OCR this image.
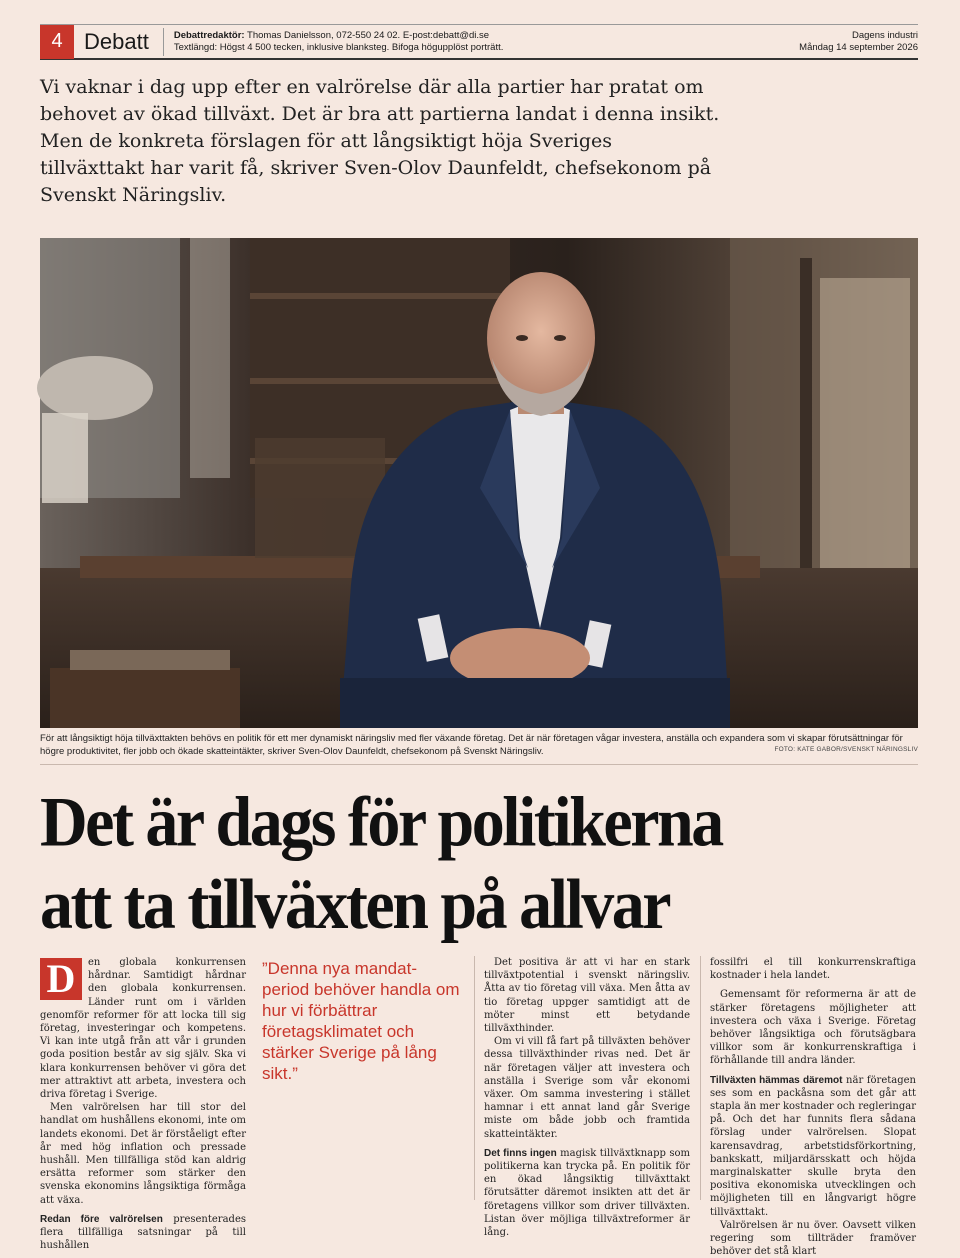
4 Debatt	Debattredaktör: Thomas Danielsson, 072-550 24 02. E-post:debatt@di.se
Textlängd: Högst 4 500 tecken, inklusive blanksteg. Bifoga högupplöst porträtt.
Dagens industri
Måndag 14 september 2026
Vi vaknar i dag upp efter en valrörelse där alla partier har pratat om behovet av ökad tillväxt. Det är bra att partierna landat i denna insikt. Men de konkreta förslagen för att långsiktigt höja Sveriges tillväxttakt har varit få, skriver Sven-Olov Daunfeldt, chefsekonom på Svenskt Näringsliv.
För att långsiktigt höja tillväxttakten behövs en politik för ett mer dynamiskt näringsliv med fler växande företag. Det är när företagen vågar investera, anställa och expandera som vi skapar förutsättningar för högre produktivitet, fler jobb och ökade skatteintäkter, skriver Sven-Olov Daunfeldt, chefsekonom på Svenskt Näringsliv.	FOTO: KATE GABOR/SVENSKT NÄRINGSLIV
Det är dags för politikerna
att ta tillväxten på allvar
D	en globala konkurrensen hårdnar. Samtidigt hårdnar den globala konkurrensen. Länder runt om i världen genomför reformer för att locka till sig företag, investeringar och kompetens. Vi kan inte utgå från att vår i grunden goda position består av sig själv. Ska vi klara konkurrensen behöver vi göra det mer attraktivt att arbeta, investera och driva företag i Sverige.

Men valrörelsen har till stor del handlat om hushållens ekonomi, inte om landets ekonomi. Det är förståeligt efter år med hög inflation och pressade hushåll. Men tillfälliga stöd kan aldrig ersätta reformer som stärker den svenska ekonomins långsiktiga förmåga att växa.

Redan före valrörelsen presenterades flera tillfälliga satsningar på till hushållen

”Denna nya mandat-period behöver handla om hur vi förbättrar företagsklimatet och stärker Sverige på lång sikt.”

Det positiva är att vi har en stark tillväxtpotential i svenskt näringsliv. Åtta av tio företag vill växa. Men åtta av tio företag uppger samtidigt att de möter minst ett betydande tillväxthinder.

Om vi vill få fart på tillväxten behöver dessa tillväxthinder rivas ned. Det är när företagen väljer att investera och anställa i Sverige som vår ekonomi växer. Om samma investering i stället hamnar i ett annat land går Sverige miste om både jobb och framtida skatteintäkter.

Det finns ingen magisk tillväxtknapp som politikerna kan trycka på. En politik för en ökad långsiktig tillväxttakt förutsätter däremot insikten att det är företagens villkor som driver tillväxten. Listan över möjliga tillväxtreformer är lång.

fossilfri el till konkurrenskraftiga kostnader i hela landet.

Gemensamt för reformerna är att de stärker företagens möjligheter att investera och växa i Sverige. Företag behöver långsiktiga och förutsägbara villkor som är konkurrenskraftiga i förhållande till andra länder.

Tillväxten hämmas däremot när företagen ses som en packåsna som det går att stapla än mer kostnader och regleringar på. Och det har funnits flera sådana förslag under valrörelsen. Slopat karensavdrag, arbetstidsförkortning, bankskatt, miljardärsskatt och höjda marginalskatter skulle bryta den positiva ekonomiska utvecklingen och möjligheten till en långvarigt högre tillväxttakt.

Valrörelsen är nu över. Oavsett vilken regering som tillträder framöver behöver det stå klart
